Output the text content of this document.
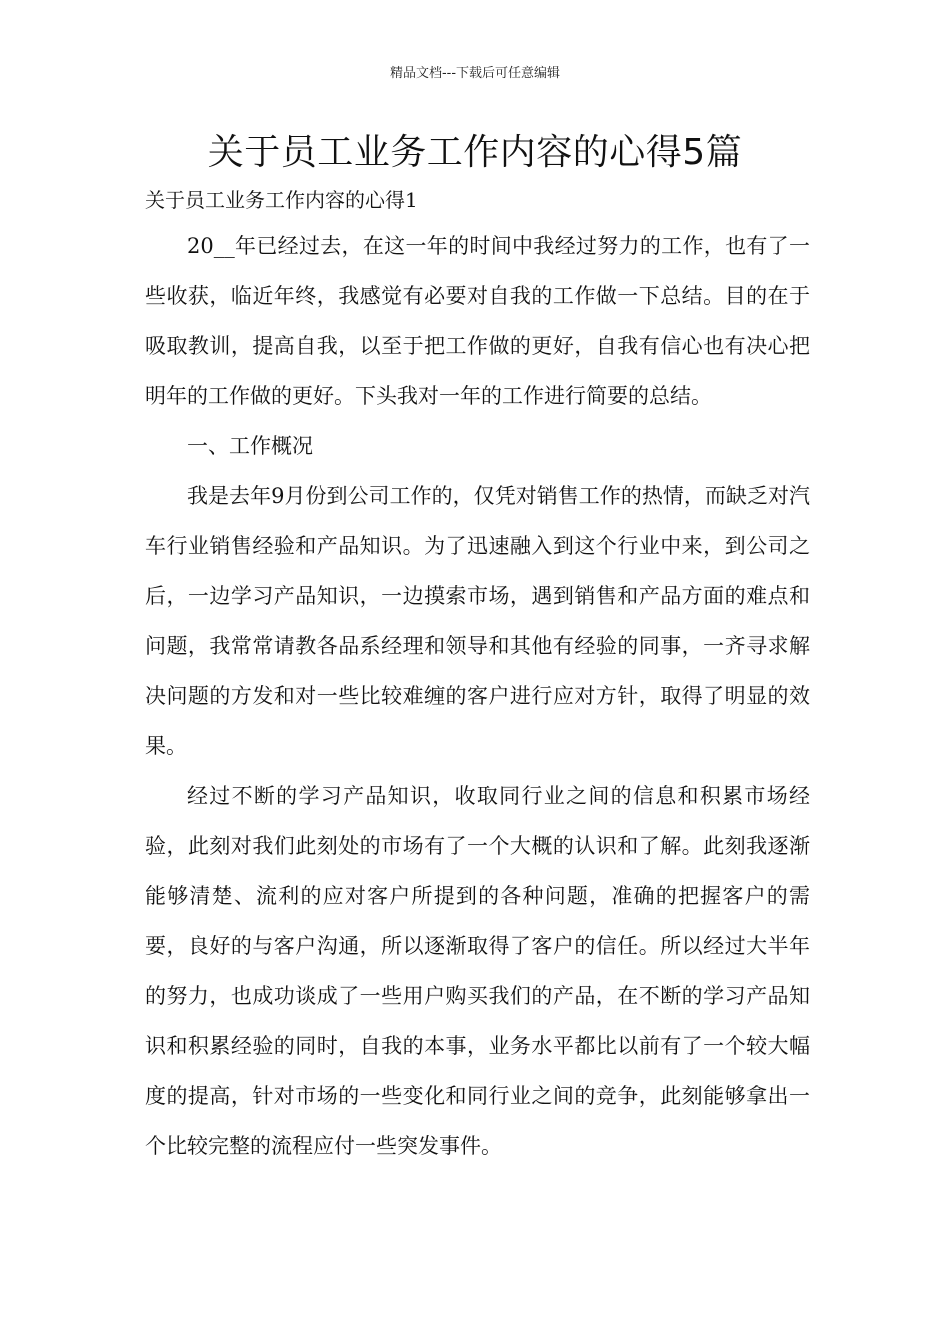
精品文档---下载后可任意编辑
关于员工业务工作内容的心得5篇
关于员工业务工作内容的心得1

20__年已经过去，在这一年的时间中我经过努力的工作，也有了一些收获，临近年终，我感觉有必要对自我的工作做一下总结。目的在于吸取教训，提高自我，以至于把工作做的更好，自我有信心也有决心把明年的工作做的更好。下头我对一年的工作进行简要的总结。

一、工作概况

我是去年9月份到公司工作的，仅凭对销售工作的热情，而缺乏对汽车行业销售经验和产品知识。为了迅速融入到这个行业中来，到公司之后，一边学习产品知识，一边摸索市场，遇到销售和产品方面的难点和问题，我常常请教各品系经理和领导和其他有经验的同事，一齐寻求解决问题的方发和对一些比较难缠的客户进行应对方针，取得了明显的效果。

经过不断的学习产品知识，收取同行业之间的信息和积累市场经验，此刻对我们此刻处的市场有了一个大概的认识和了解。此刻我逐渐能够清楚、流利的应对客户所提到的各种问题，准确的把握客户的需要，良好的与客户沟通，所以逐渐取得了客户的信任。所以经过大半年的努力，也成功谈成了一些用户购买我们的产品，在不断的学习产品知识和积累经验的同时，自我的本事，业务水平都比以前有了一个较大幅度的提高，针对市场的一些变化和同行业之间的竞争，此刻能够拿出一个比较完整的流程应付一些突发事件。
